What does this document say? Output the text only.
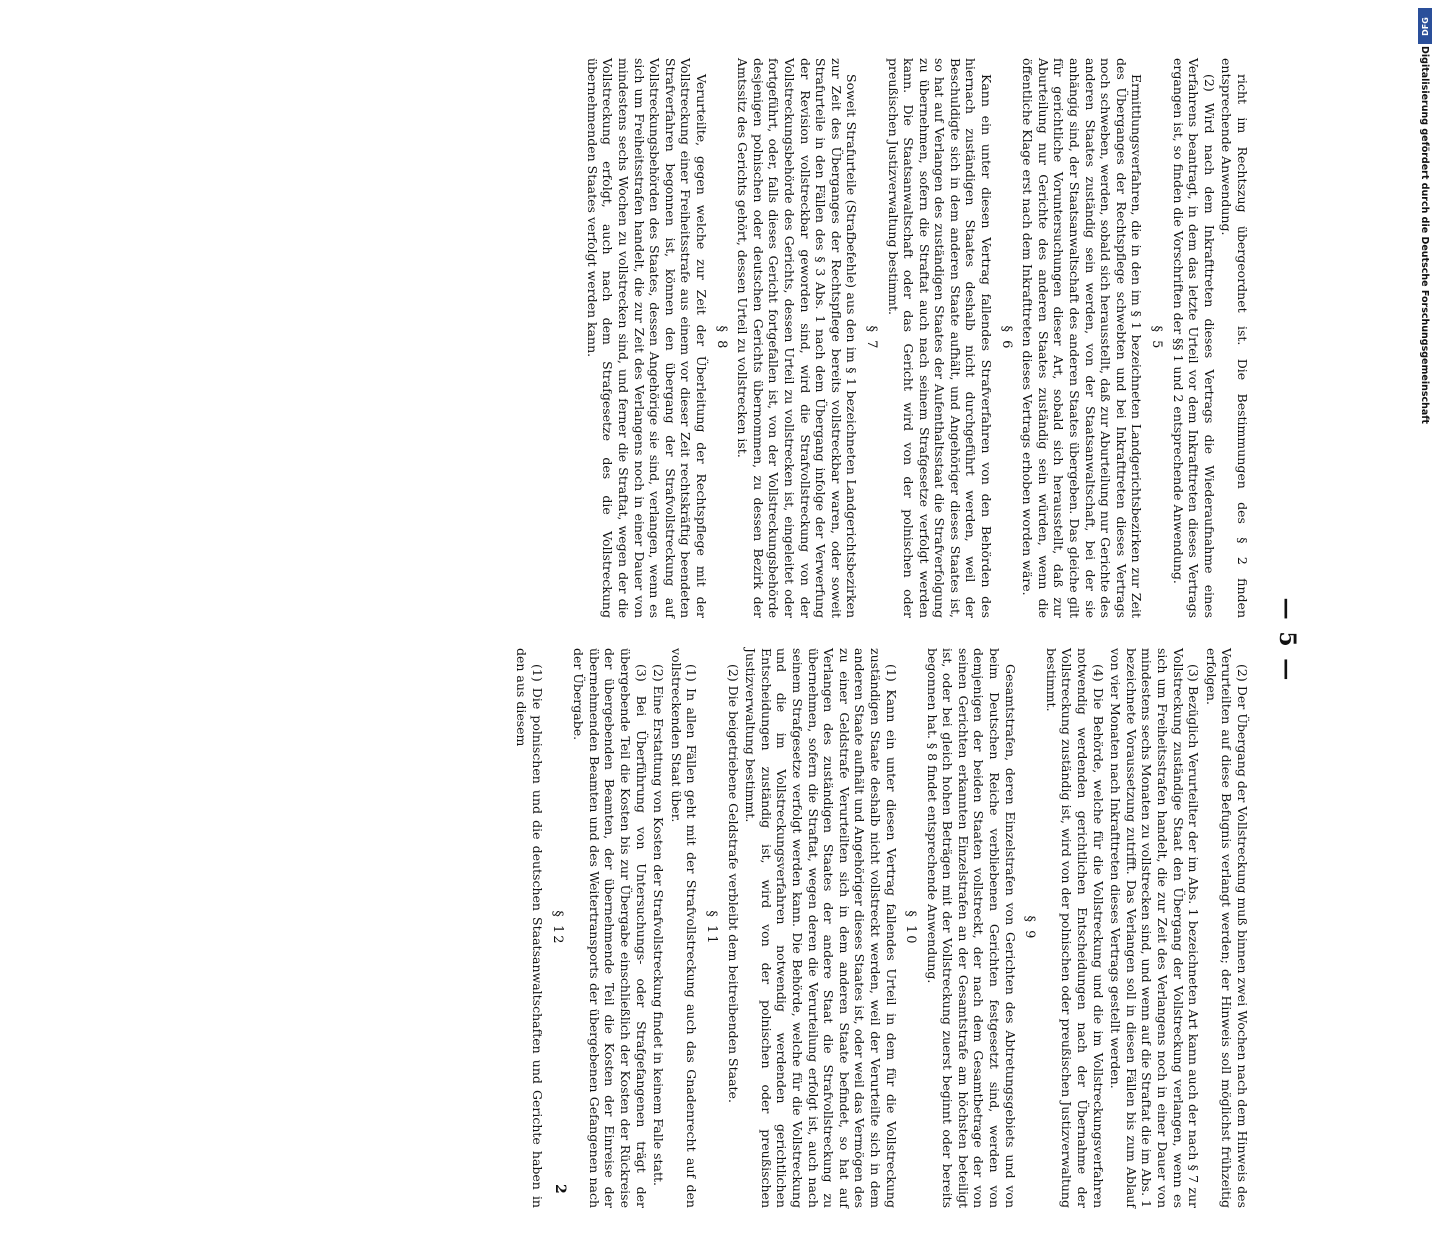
DFG
Digitalisierung gefördert durch die Deutsche Forschungsgemeinschaft
— 5 —

richt im Rechtszug übergeordnet ist. Die Bestimmungen des § 2 finden entsprechende Anwendung.

(2) Wird nach dem Inkrafttreten dieses Vertrags die Wiederaufnahme eines Verfahrens beantragt, in dem das letzte Urteil vor dem Inkrafttreten dieses Vertrags ergangen ist, so finden die Vorschriften der §§ 1 und 2 entsprechende Anwendung.

§ 5

Ermittlungsverfahren, die in den im § 1 bezeichneten Landgerichtsbezirken zur Zeit des Überganges der Rechtspflege schwebten und bei Inkrafttreten dieses Vertrags noch schweben, werden, sobald sich herausstellt, daß zur Aburteilung nur Gerichte des anderen Staates zuständig sein werden, von der Staatsanwaltschaft, bei der sie anhängig sind, der Staatsanwaltschaft des anderen Staates übergeben. Das gleiche gilt für gerichtliche Voruntersuchungen dieser Art, sobald sich herausstellt, daß zur Aburteilung nur Gerichte des anderen Staates zuständig sein würden, wenn die öffentliche Klage erst nach dem Inkrafttreten dieses Vertrags erhoben worden wäre.

§ 6

Kann ein unter diesen Vertrag fallendes Strafverfahren von den Behörden des hiernach zuständigen Staates deshalb nicht durchgeführt werden, weil der Beschuldigte sich in dem anderen Staate aufhält, und Angehöriger dieses Staates ist, so hat auf Verlangen des zuständigen Staates der Aufenthaltsstaat die Strafverfolgung zu übernehmen, sofern die Straftat auch nach seinem Strafgesetze verfolgt werden kann. Die Staatsanwaltschaft oder das Gericht wird von der polnischen oder preußischen Justizverwaltung bestimmt.

§ 7

Soweit Strafurteile (Strafbefehle) aus den im § 1 bezeichneten Landgerichtsbezirken zur Zeit des Überganges der Rechtspflege bereits vollstreckbar waren, oder soweit Strafurteile in den Fällen des § 3 Abs. 1 nach dem Übergang infolge der Verwerfung der Revision vollstreckbar geworden sind, wird die Strafvollstreckung von der Vollstreckungsbehörde des Gerichts, dessen Urteil zu vollstrecken ist, eingeleitet oder fortgeführt, oder, falls dieses Gericht fortgefallen ist, von der Vollstreckungsbehörde desjenigen polnischen oder deutschen Gerichts übernommen, zu dessen Bezirk der Amtssitz des Gerichts gehört, dessen Urteil zu vollstrecken ist.

§ 8

Verurteilte, gegen welche zur Zeit der Überleitung der Rechtspflege mit der Vollstreckung einer Freiheitsstrafe aus einem vor dieser Zeit rechtskräftig beendeten Strafverfahren begonnen ist, können den übergang der Strafvollstreckung auf Vollstreckungsbehörden des Staates, dessen Angehörige sie sind, verlangen, wenn es sich um Freiheitsstrafen handelt, die zur Zeit des Verlangens noch in einer Dauer von mindestens sechs Wochen zu vollstrecken sind, und ferner die Straftat, wegen der die Vollstreckung erfolgt, auch nach dem Strafgesetze des die Vollstreckung übernehmenden Staates verfolgt werden kann.

(2) Der Übergang der Vollstreckung muß binnen zwei Wochen nach dem Hinweis des Verurteilten auf diese Befugnis verlangt werden; der Hinweis soll möglichst frühzeitig erfolgen.

(3) Bezüglich Verurteilter der im Abs. 1 bezeichneten Art kann auch der nach § 7 zur Vollstreckung zuständige Staat den Übergang der Vollstreckung verlangen, wenn es sich um Freiheitsstrafen handelt, die zur Zeit des Verlangens noch in einer Dauer von mindestens sechs Monaten zu vollstrecken sind, und wenn auf die Straftat die im Abs. 1 bezeichnete Voraussetzung zutrifft. Das Verlangen soll in diesen Fällen bis zum Ablauf von vier Monaten nach Inkrafttreten dieses Vertrags gestellt werden.

(4) Die Behörde, welche für die Vollstreckung und die im Vollstreckungsverfahren notwendig werdenden gerichtlichen Entscheidungen nach der Übernahme der Vollstreckung zuständig ist, wird von der polnischen oder preußischen Justizverwaltung bestimmt.

§ 9

Gesamtstrafen, deren Einzelstrafen von Gerichten des Abtretungsgebiets und von beim Deutschen Reiche verbliebenen Gerichten festgesetzt sind, werden von demjenigen der beiden Staaten vollstreckt, der nach dem Gesamtbetrage der von seinen Gerichten erkannten Einzelstrafen an der Gesamtstrafe am höchsten beteiligt ist, oder bei gleich hohen Beträgen mit der Vollstreckung zuerst beginnt oder bereits begonnen hat. § 8 findet entsprechende Anwendung.

§ 10

(1) Kann ein unter diesen Vertrag fallendes Urteil in dem für die Vollstreckung zuständigen Staate deshalb nicht vollstreckt werden, weil der Verurteilte sich in dem anderen Staate aufhält und Angehöriger dieses Staates ist, oder weil das Vermögen des zu einer Geldstrafe Verurteilten sich in dem anderen Staate befindet, so hat auf Verlangen des zuständigen Staates der andere Staat die Strafvollstreckung zu übernehmen, sofern die Straftat, wegen deren die Verurteilung erfolgt ist, auch nach seinem Strafgesetze verfolgt werden kann. Die Behörde, welche für die Vollstreckung und die im Vollstreckungsverfahren notwendig werdenden gerichtlichen Entscheidungen zuständig ist, wird von der polnischen oder preußischen Justizverwaltung bestimmt.

(2) Die beigetriebene Geldstrafe verbleibt dem beitreibenden Staate.

§ 11

(1) In allen Fällen geht mit der Strafvollstreckung auch das Gnadenrecht auf den vollstreckenden Staat über.

(2) Eine Erstattung von Kosten der Strafvollstreckung findet in keinem Falle statt.

(3) Bei Überführung von Untersuchungs- oder Strafgefangenen trägt der übergebende Teil die Kosten bis zur Übergabe einschließlich der Kosten der Rückreise der übergebenden Beamten, der übernehmende Teil die Kosten der Einreise der übernehmenden Beamten und des Weitertransports der übergebenen Gefangenen nach der Übergabe.

§ 12

(1) Die polnischen und die deutschen Staatsanwaltschaften und Gerichte haben in den aus diesem

2
